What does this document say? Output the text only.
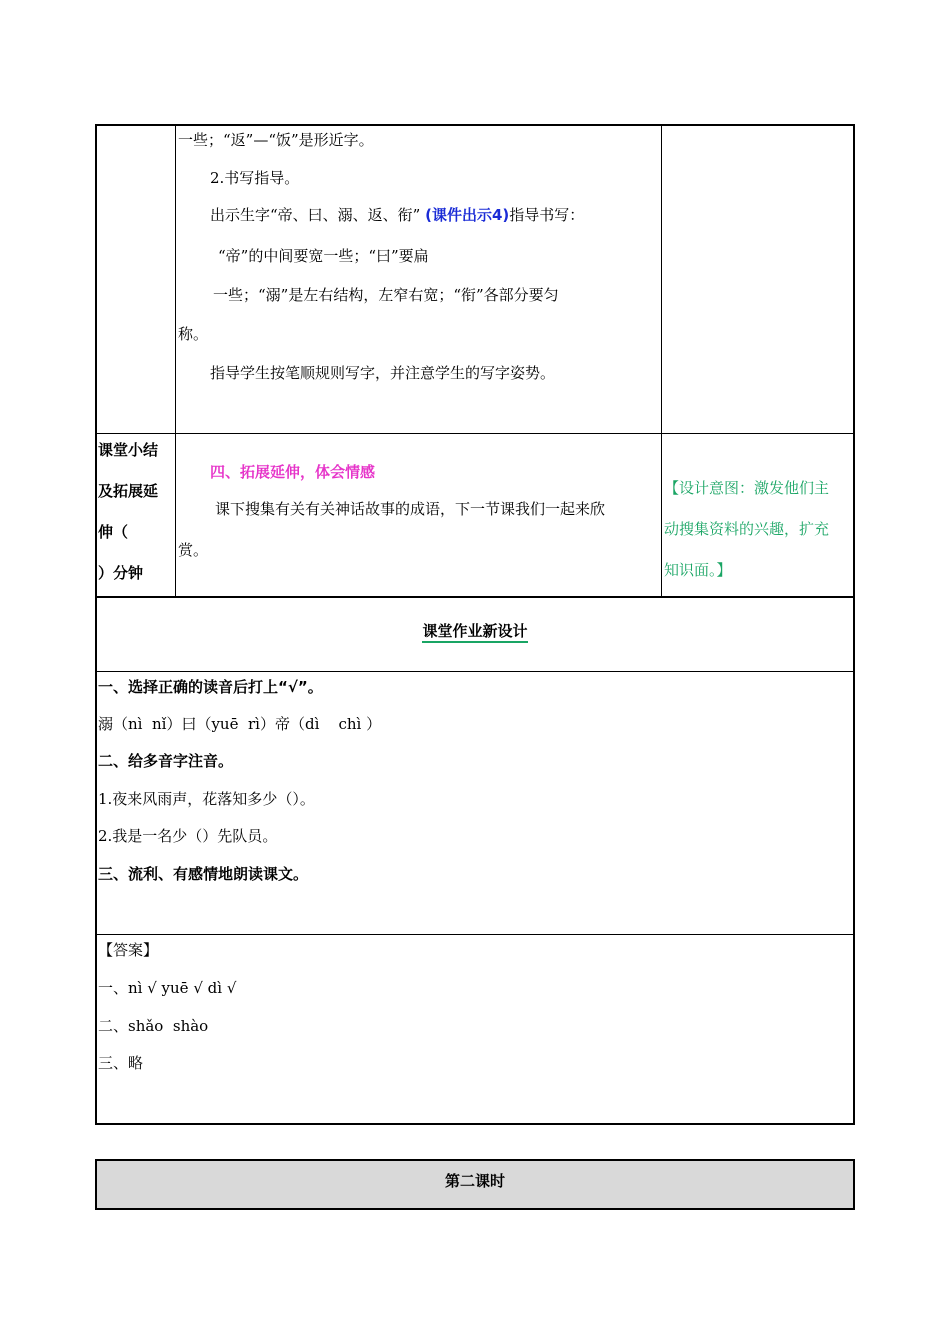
一些；“返”—“饭”是形近字。
2.书写指导。
出示生字“帝、曰、溺、返、衔” (课件出示4)指导书写：
“帝”的中间要宽一些；“曰”要扁
一些；“溺”是左右结构，左窄右宽；“衔”各部分要匀
称。
指导学生按笔顺规则写字，并注意学生的写字姿势。
课堂小结
及拓展延
伸（
）分钟
四、拓展延伸，体会情感
课下搜集有关有关神话故事的成语，下一节课我们一起来欣
赏。
【设计意图：激发他们主
动搜集资料的兴趣，扩充
知识面。】
课堂作业新设计
一、选择正确的读音后打上“√”。
溺（nì  nǐ）曰（yuē  rì）帝（dì    chì ）
二、给多音字注音。
1.夜来风雨声，花落知多少（）。
2.我是一名少（）先队员。
三、流利、有感情地朗读课文。
【答案】
一、nì √ yuē √ dì √
二、shǎo  shào
三、略
第二课时
